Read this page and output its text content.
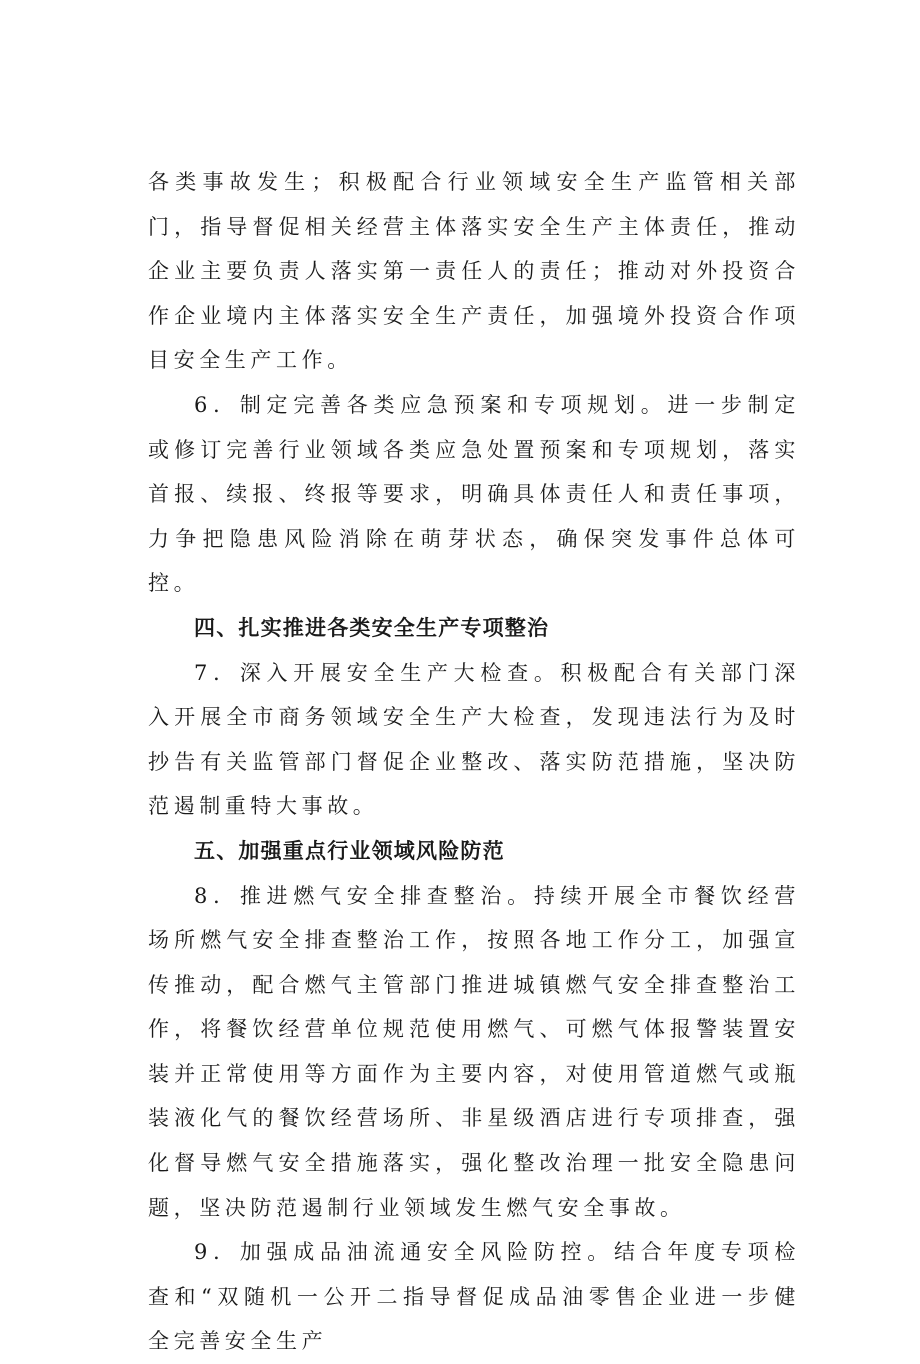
各类事故发生；积极配合行业领域安全生产监管相关部门，指导督促相关经营主体落实安全生产主体责任，推动企业主要负责人落实第一责任人的责任；推动对外投资合作企业境内主体落实安全生产责任，加强境外投资合作项目安全生产工作。

6．制定完善各类应急预案和专项规划。进一步制定或修订完善行业领域各类应急处置预案和专项规划，落实首报、续报、终报等要求，明确具体责任人和责任事项，力争把隐患风险消除在萌芽状态，确保突发事件总体可控。

四、扎实推进各类安全生产专项整治

7．深入开展安全生产大检查。积极配合有关部门深入开展全市商务领域安全生产大检查，发现违法行为及时抄告有关监管部门督促企业整改、落实防范措施，坚决防范遏制重特大事故。

五、加强重点行业领域风险防范

8．推进燃气安全排查整治。持续开展全市餐饮经营场所燃气安全排查整治工作，按照各地工作分工，加强宣传推动，配合燃气主管部门推进城镇燃气安全排查整治工作，将餐饮经营单位规范使用燃气、可燃气体报警装置安装并正常使用等方面作为主要内容，对使用管道燃气或瓶装液化气的餐饮经营场所、非星级酒店进行专项排查，强化督导燃气安全措施落实，强化整改治理一批安全隐患问题，坚决防范遏制行业领域发生燃气安全事故。

9．加强成品油流通安全风险防控。结合年度专项检查和“双随机一公开二指导督促成品油零售企业进一步健全完善安全生产
